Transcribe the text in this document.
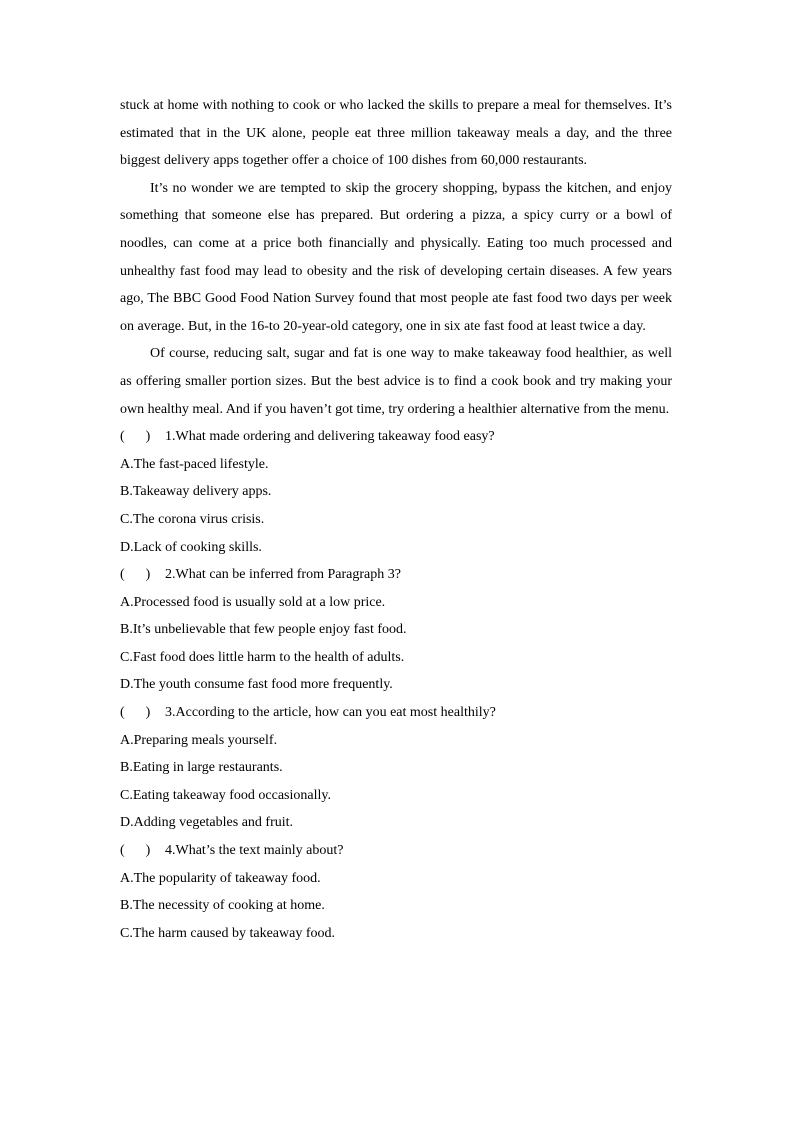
stuck at home with nothing to cook or who lacked the skills to prepare a meal for themselves. It’s estimated that in the UK alone, people eat three million takeaway meals a day, and the three biggest delivery apps together offer a choice of 100 dishes from 60,000 restaurants.

It’s no wonder we are tempted to skip the grocery shopping, bypass the kitchen, and enjoy something that someone else has prepared. But ordering a pizza, a spicy curry or a bowl of noodles, can come at a price both financially and physically. Eating too much processed and unhealthy fast food may lead to obesity and the risk of developing certain diseases. A few years ago, The BBC Good Food Nation Survey found that most people ate fast food two days per week on average. But, in the 16-to 20-year-old category, one in six ate fast food at least twice a day.

Of course, reducing salt, sugar and fat is one way to make takeaway food healthier, as well as offering smaller portion sizes. But the best advice is to find a cook book and try making your own healthy meal. And if you haven’t got time, try ordering a healthier alternative from the menu.

(      ) 1.What made ordering and delivering takeaway food easy?

A.The fast-paced lifestyle.

B.Takeaway delivery apps.

C.The corona virus crisis.

D.Lack of cooking skills.

(      ) 2.What can be inferred from Paragraph 3?

A.Processed food is usually sold at a low price.

B.It’s unbelievable that few people enjoy fast food.

C.Fast food does little harm to the health of adults.

D.The youth consume fast food more frequently.

(      ) 3.According to the article, how can you eat most healthily?

A.Preparing meals yourself.

B.Eating in large restaurants.

C.Eating takeaway food occasionally.

D.Adding vegetables and fruit.

(      ) 4.What’s the text mainly about?

A.The popularity of takeaway food.

B.The necessity of cooking at home.

C.The harm caused by takeaway food.
